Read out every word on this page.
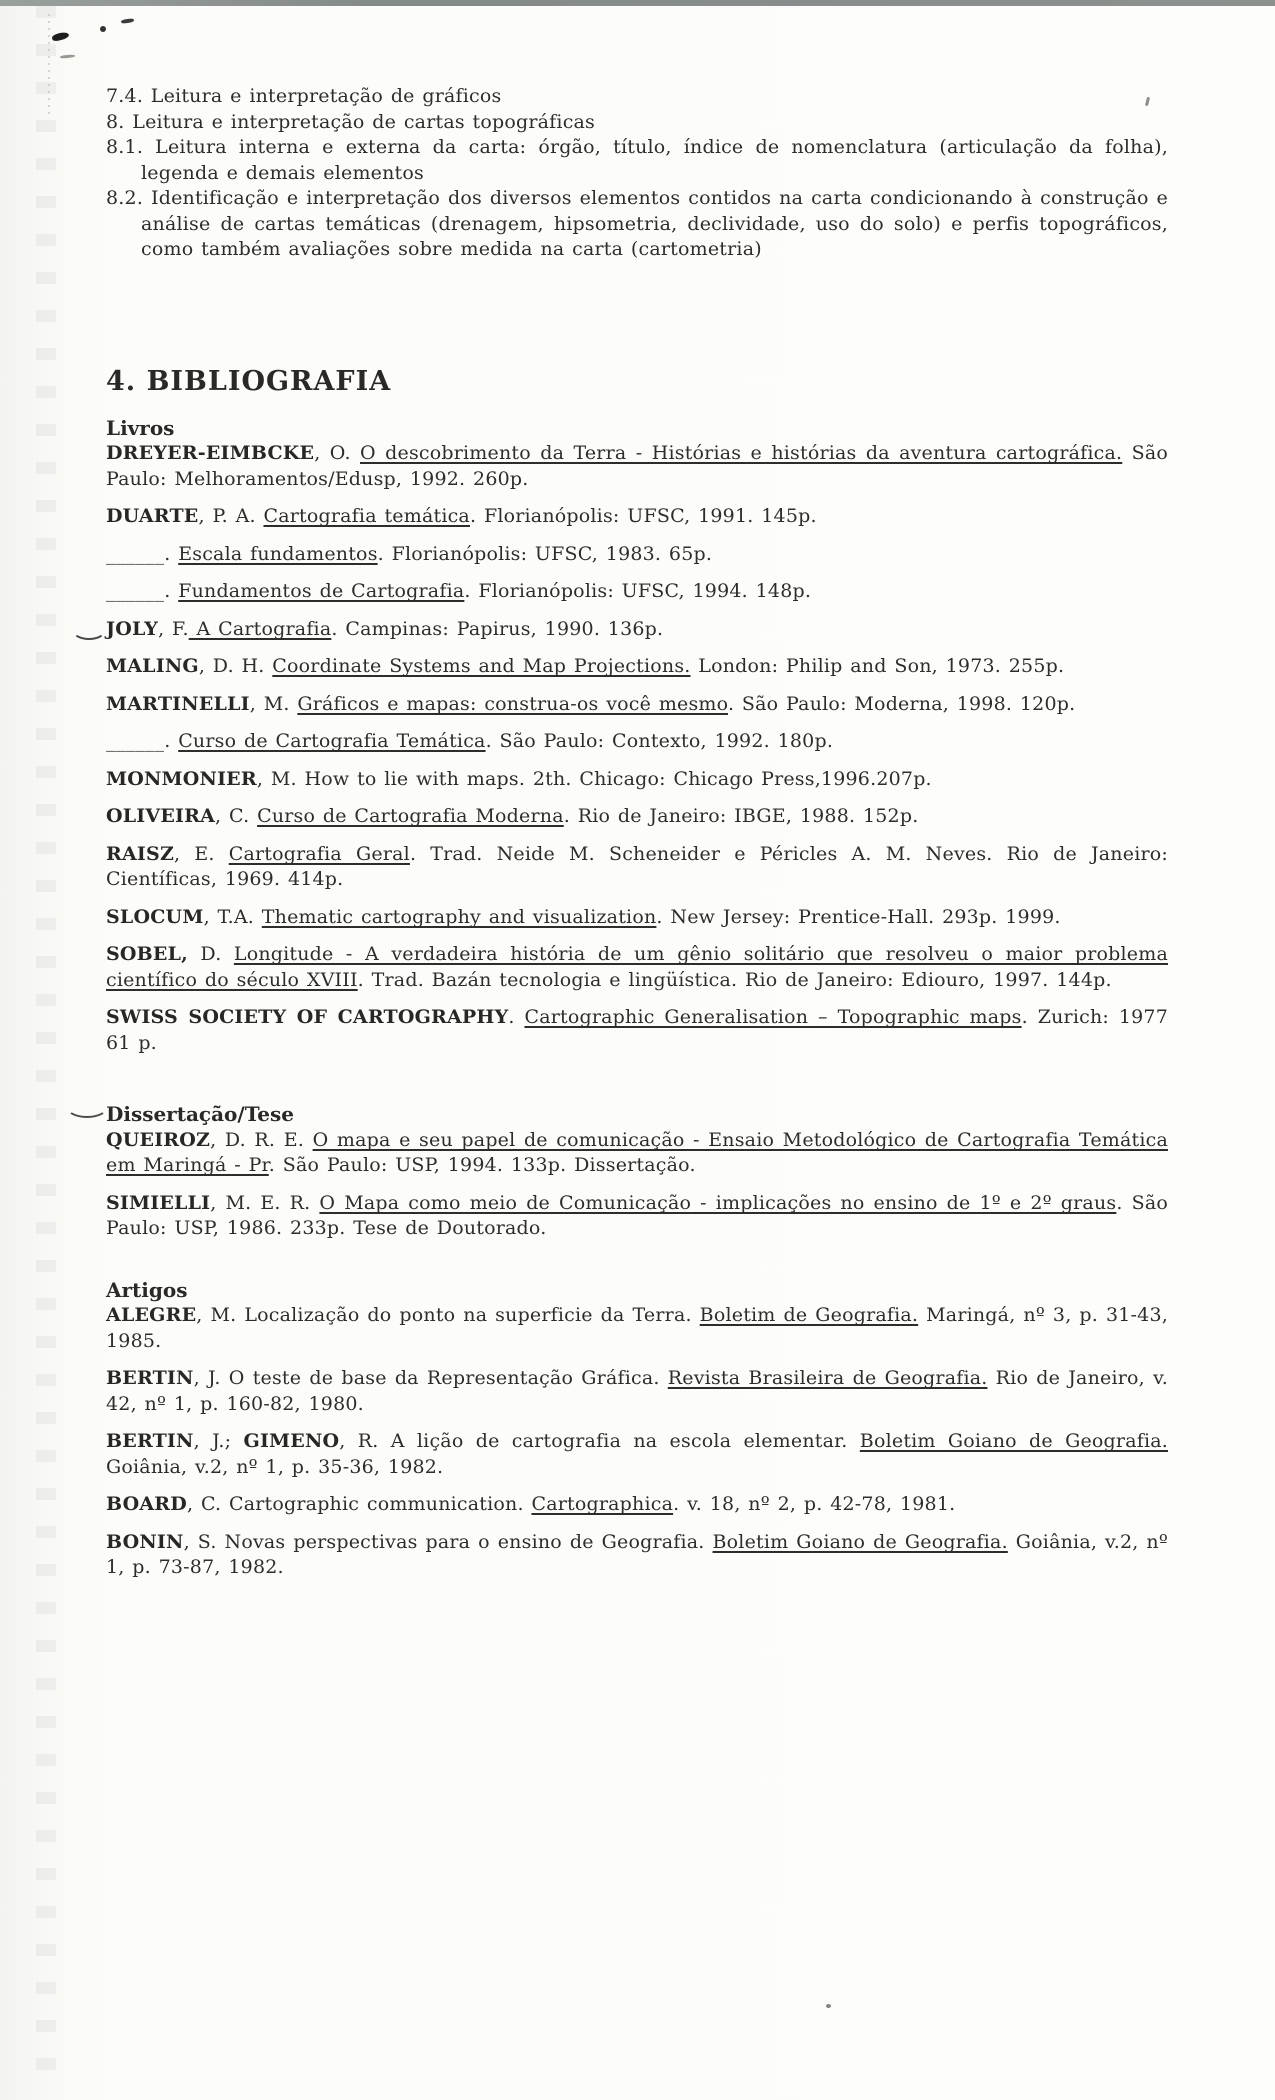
7.4. Leitura e interpretação de gráficos

8. Leitura e interpretação de cartas topográficas

8.1. Leitura interna e externa da carta: órgão, título, índice de nomenclatura (articulação da folha), legenda e demais elementos

8.2. Identificação e interpretação dos diversos elementos contidos na carta condicionando à construção e análise de cartas temáticas (drenagem, hipsometria, declividade, uso do solo) e perfis topográficos, como também avaliações sobre medida na carta (cartometria)

4. BIBLIOGRAFIA
Livros

DREYER-EIMBCKE, O. O descobrimento da Terra - Histórias e histórias da aventura cartográfica. São Paulo: Melhoramentos/Edusp, 1992. 260p.

DUARTE, P. A. Cartografia temática. Florianópolis: UFSC, 1991. 145p.

______. Escala fundamentos. Florianópolis: UFSC, 1983. 65p.

______. Fundamentos de Cartografia. Florianópolis: UFSC, 1994. 148p.

JOLY, F. A Cartografia. Campinas: Papirus, 1990. 136p.

MALING, D. H. Coordinate Systems and Map Projections. London: Philip and Son, 1973. 255p.

MARTINELLI, M. Gráficos e mapas: construa-os você mesmo. São Paulo: Moderna, 1998. 120p.

______. Curso de Cartografia Temática. São Paulo: Contexto, 1992. 180p.

MONMONIER, M. How to lie with maps. 2th. Chicago: Chicago Press,1996.207p.

OLIVEIRA, C. Curso de Cartografia Moderna. Rio de Janeiro: IBGE, 1988. 152p.

RAISZ, E. Cartografia Geral. Trad. Neide M. Scheneider e Péricles A. M. Neves. Rio de Janeiro: Científicas, 1969. 414p.

SLOCUM, T.A. Thematic cartography and visualization. New Jersey: Prentice-Hall. 293p. 1999.

SOBEL, D. Longitude - A verdadeira história de um gênio solitário que resolveu o maior problema científico do século XVIII. Trad. Bazán tecnologia e lingüística. Rio de Janeiro: Ediouro, 1997. 144p.

SWISS SOCIETY OF CARTOGRAPHY. Cartographic Generalisation – Topographic maps. Zurich: 1977 61 p.

Dissertação/Tese

QUEIROZ, D. R. E. O mapa e seu papel de comunicação - Ensaio Metodológico de Cartografia Temática em Maringá - Pr. São Paulo: USP, 1994. 133p. Dissertação.

SIMIELLI, M. E. R. O Mapa como meio de Comunicação - implicações no ensino de 1º e 2º graus. São Paulo: USP, 1986. 233p. Tese de Doutorado.

Artigos

ALEGRE, M. Localização do ponto na superficie da Terra. Boletim de Geografia. Maringá, nº 3, p. 31-43, 1985.

BERTIN, J. O teste de base da Representação Gráfica. Revista Brasileira de Geografia. Rio de Janeiro, v. 42, nº 1, p. 160-82, 1980.

BERTIN, J.; GIMENO, R. A lição de cartografia na escola elementar. Boletim Goiano de Geografia. Goiânia, v.2, nº 1, p. 35-36, 1982.

BOARD, C. Cartographic communication. Cartographica. v. 18, nº 2, p. 42-78, 1981.

BONIN, S. Novas perspectivas para o ensino de Geografia. Boletim Goiano de Geografia. Goiânia, v.2, nº 1, p. 73-87, 1982.
